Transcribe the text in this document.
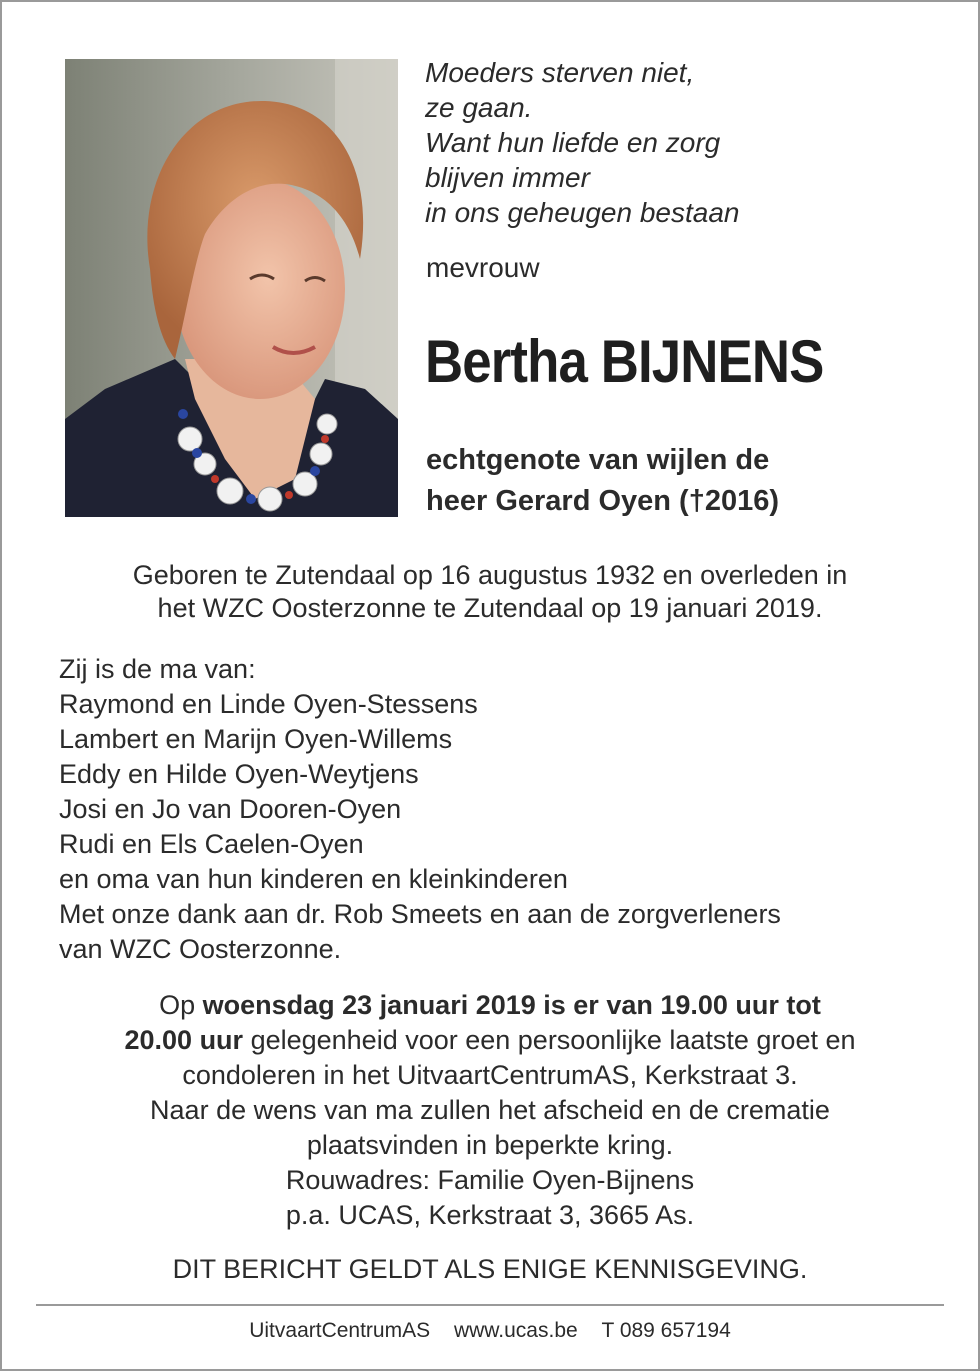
Moeders sterven niet,
ze gaan.
Want hun liefde en zorg
blijven immer
in ons geheugen bestaan
mevrouw
Bertha BIJNENS
echtgenote van wijlen de
heer Gerard Oyen (†2016)
Geboren te Zutendaal op 16 augustus 1932 en overleden in
het WZC Oosterzonne te Zutendaal op 19 januari 2019.
Zij is de ma van:
Raymond en Linde Oyen-Stessens
Lambert en Marijn Oyen-Willems
Eddy en Hilde Oyen-Weytjens
Josi en Jo van Dooren-Oyen
Rudi en Els Caelen-Oyen
en oma van hun kinderen en kleinkinderen
Met onze dank aan dr. Rob Smeets en aan de zorgverleners
van WZC Oosterzonne.
Op woensdag 23 januari 2019 is er van 19.00 uur tot
20.00 uur gelegenheid voor een persoonlijke laatste groet en
condoleren in het UitvaartCentrumAS, Kerkstraat 3.
Naar de wens van ma zullen het afscheid en de crematie
plaatsvinden in beperkte kring.
Rouwadres: Familie Oyen-Bijnens
p.a. UCAS, Kerkstraat 3, 3665 As.
DIT BERICHT GELDT ALS ENIGE KENNISGEVING.
UitvaartCentrumAS www.ucas.be T 089 657194
